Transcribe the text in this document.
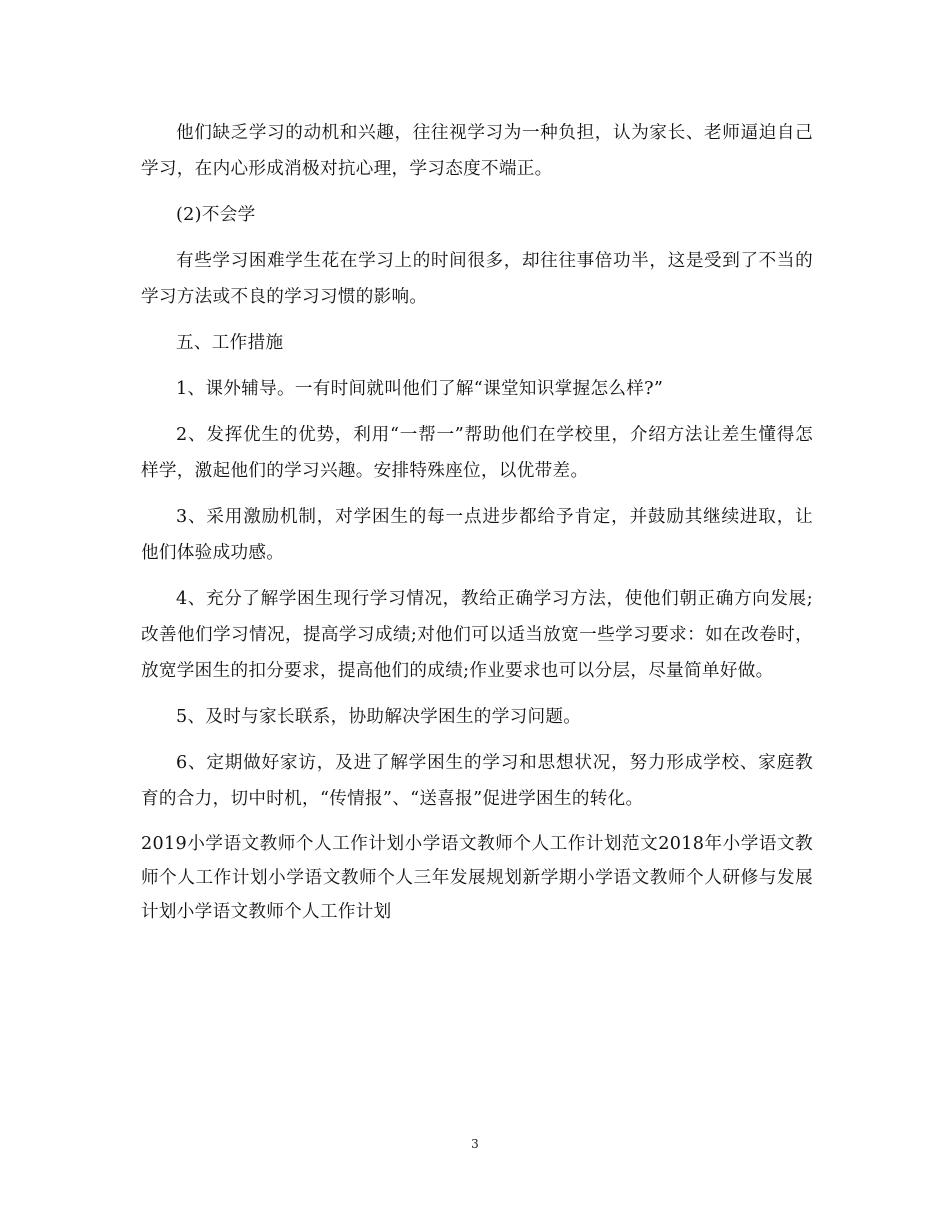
他们缺乏学习的动机和兴趣，往往视学习为一种负担，认为家长、老师逼迫自己学习，在内心形成消极对抗心理，学习态度不端正。

(2)不会学

有些学习困难学生花在学习上的时间很多，却往往事倍功半，这是受到了不当的学习方法或不良的学习习惯的影响。

五、工作措施

1、课外辅导。一有时间就叫他们了解“课堂知识掌握怎么样?”

2、发挥优生的优势，利用“一帮一”帮助他们在学校里，介绍方法让差生懂得怎样学，激起他们的学习兴趣。安排特殊座位，以优带差。

3、采用激励机制，对学困生的每一点进步都给予肯定，并鼓励其继续进取，让他们体验成功感。

4、充分了解学困生现行学习情况，教给正确学习方法，使他们朝正确方向发展;改善他们学习情况，提高学习成绩;对他们可以适当放宽一些学习要求：如在改卷时，放宽学困生的扣分要求，提高他们的成绩;作业要求也可以分层，尽量简单好做。

5、及时与家长联系，协助解决学困生的学习问题。

6、定期做好家访，及进了解学困生的学习和思想状况，努力形成学校、家庭教育的合力，切中时机，“传情报”、“送喜报”促进学困生的转化。

2019小学语文教师个人工作计划小学语文教师个人工作计划范文2018年小学语文教师个人工作计划小学语文教师个人三年发展规划新学期小学语文教师个人研修与发展计划小学语文教师个人工作计划

3
